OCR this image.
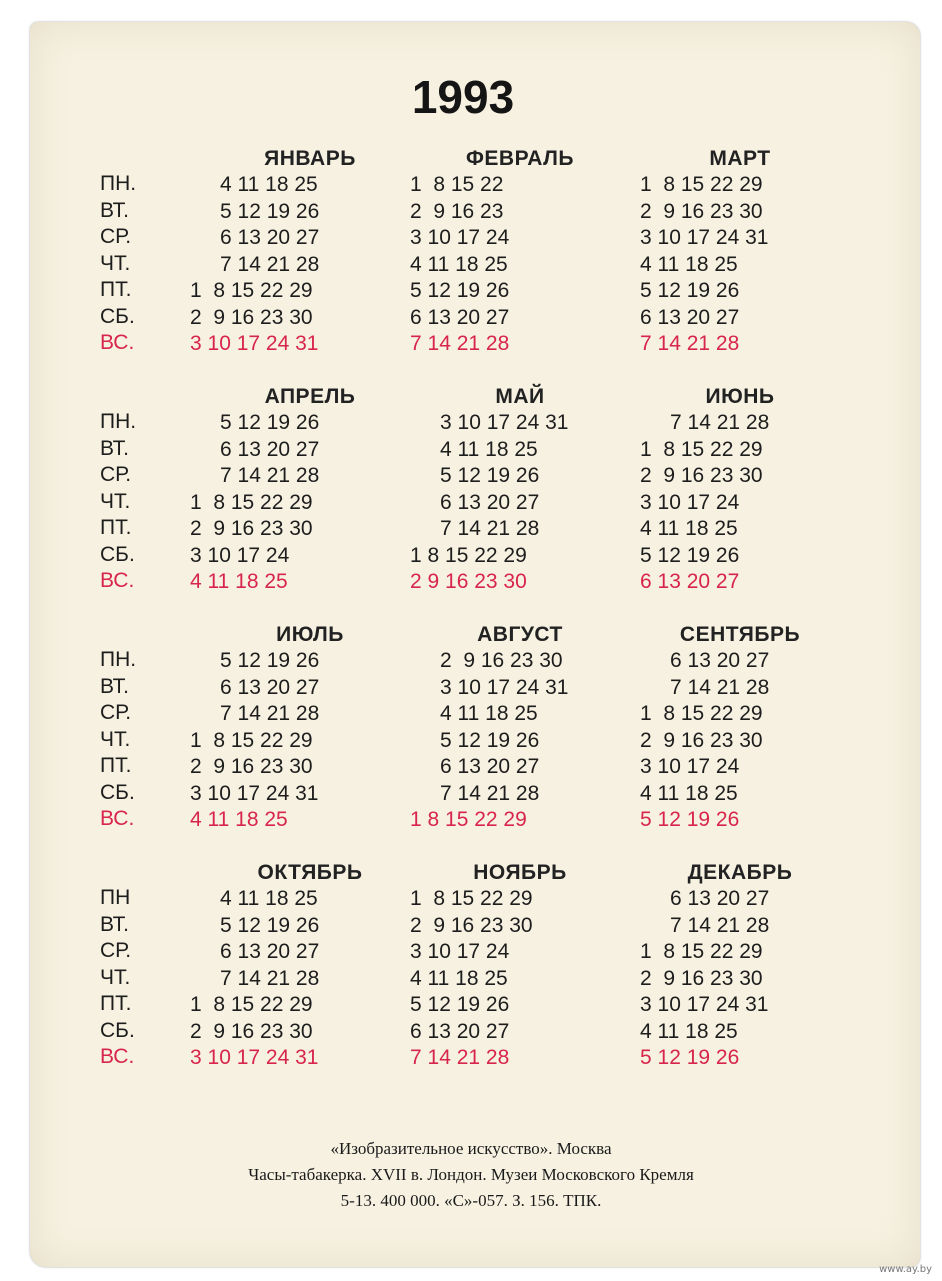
1993
ПН.
ВТ.
СР.
ЧТ.
ПТ.
СБ.
ВС.
ЯНВАРЬ
4 11 18 25
5 12 19 26
6 13 20 27
7 14 21 28
1  8 15 22 29
2  9 16 23 30
3 10 17 24 31
ФЕВРАЛЬ
1  8 15 22
2  9 16 23
3 10 17 24
4 11 18 25
5 12 19 26
6 13 20 27
7 14 21 28
МАРТ
1  8 15 22 29
2  9 16 23 30
3 10 17 24 31
4 11 18 25
5 12 19 26
6 13 20 27
7 14 21 28
ПН.
ВТ.
СР.
ЧТ.
ПТ.
СБ.
ВС.
АПРЕЛЬ
5 12 19 26
6 13 20 27
7 14 21 28
1  8 15 22 29
2  9 16 23 30
3 10 17 24
4 11 18 25
МАЙ
3 10 17 24 31
4 11 18 25
5 12 19 26
6 13 20 27
7 14 21 28
1 8 15 22 29
2 9 16 23 30
ИЮНЬ
7 14 21 28
1  8 15 22 29
2  9 16 23 30
3 10 17 24
4 11 18 25
5 12 19 26
6 13 20 27
ПН.
ВТ.
СР.
ЧТ.
ПТ.
СБ.
ВС.
ИЮЛЬ
5 12 19 26
6 13 20 27
7 14 21 28
1  8 15 22 29
2  9 16 23 30
3 10 17 24 31
4 11 18 25
АВГУСТ
2  9 16 23 30
3 10 17 24 31
4 11 18 25
5 12 19 26
6 13 20 27
7 14 21 28
1 8 15 22 29
СЕНТЯБРЬ
6 13 20 27
7 14 21 28
1  8 15 22 29
2  9 16 23 30
3 10 17 24
4 11 18 25
5 12 19 26
ПН
ВТ.
СР.
ЧТ.
ПТ.
СБ.
ВС.
ОКТЯБРЬ
4 11 18 25
5 12 19 26
6 13 20 27
7 14 21 28
1  8 15 22 29
2  9 16 23 30
3 10 17 24 31
НОЯБРЬ
1  8 15 22 29
2  9 16 23 30
3 10 17 24
4 11 18 25
5 12 19 26
6 13 20 27
7 14 21 28
ДЕКАБРЬ
6 13 20 27
7 14 21 28
1  8 15 22 29
2  9 16 23 30
3 10 17 24 31
4 11 18 25
5 12 19 26
«Изобразительное искусство». Москва
Часы-табакерка. XVII в. Лондон. Музеи Московского Кремля
5-13. 400 000. «С»-057. З. 156. ТПК.
www.ay.by
